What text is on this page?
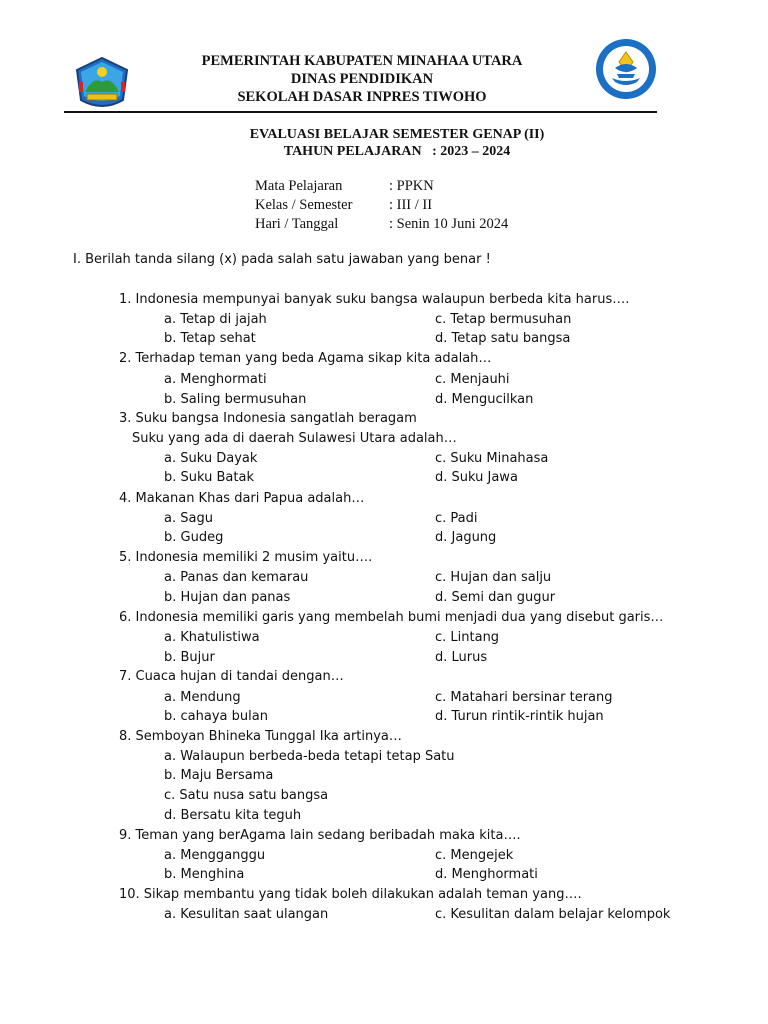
PEMERINTAH KABUPATEN MINAHAA UTARA
DINAS PENDIDIKAN
SEKOLAH DASAR INPRES TIWOHO
EVALUASI BELAJAR SEMESTER GENAP (II)
TAHUN PELAJARAN   : 2023 – 2024
Mata Pelajaran	: PPKN
Kelas / Semester	: III / II
Hari / Tanggal	: Senin 10 Juni 2024
I. Berilah tanda silang (x) pada salah satu jawaban yang benar !
1. Indonesia mempunyai banyak suku bangsa walaupun berbeda kita harus….
a. Tetap di jajah	c. Tetap bermusuhan
b. Tetap sehat	d. Tetap satu bangsa
2. Terhadap teman yang beda Agama sikap kita adalah…
a. Menghormati	c. Menjauhi
b. Saling bermusuhan	d. Mengucilkan
3. Suku bangsa Indonesia sangatlah beragam
Suku yang ada di daerah Sulawesi Utara adalah…
a. Suku Dayak	c. Suku Minahasa
b. Suku Batak	d. Suku Jawa
4. Makanan Khas dari Papua adalah…
a. Sagu	c. Padi
b. Gudeg	d. Jagung
5. Indonesia memiliki 2 musim yaitu….
a. Panas dan kemarau	c. Hujan dan salju
b. Hujan dan panas	d. Semi dan gugur
6. Indonesia memiliki garis yang membelah bumi menjadi dua yang disebut garis…
a. Khatulistiwa	c. Lintang
b. Bujur	d. Lurus
7. Cuaca hujan di tandai dengan…
a. Mendung	c. Matahari bersinar terang
b. cahaya bulan	d. Turun rintik-rintik hujan
8. Semboyan Bhineka Tunggal Ika artinya…
a. Walaupun berbeda-beda tetapi tetap Satu
b. Maju Bersama
c. Satu nusa satu bangsa
d. Bersatu kita teguh
9. Teman yang berAgama lain sedang beribadah maka kita….
a. Mengganggu	c. Mengejek
b. Menghina	d. Menghormati
10. Sikap membantu yang tidak boleh dilakukan adalah teman yang….
a. Kesulitan saat ulangan	c. Kesulitan dalam belajar kelompok
